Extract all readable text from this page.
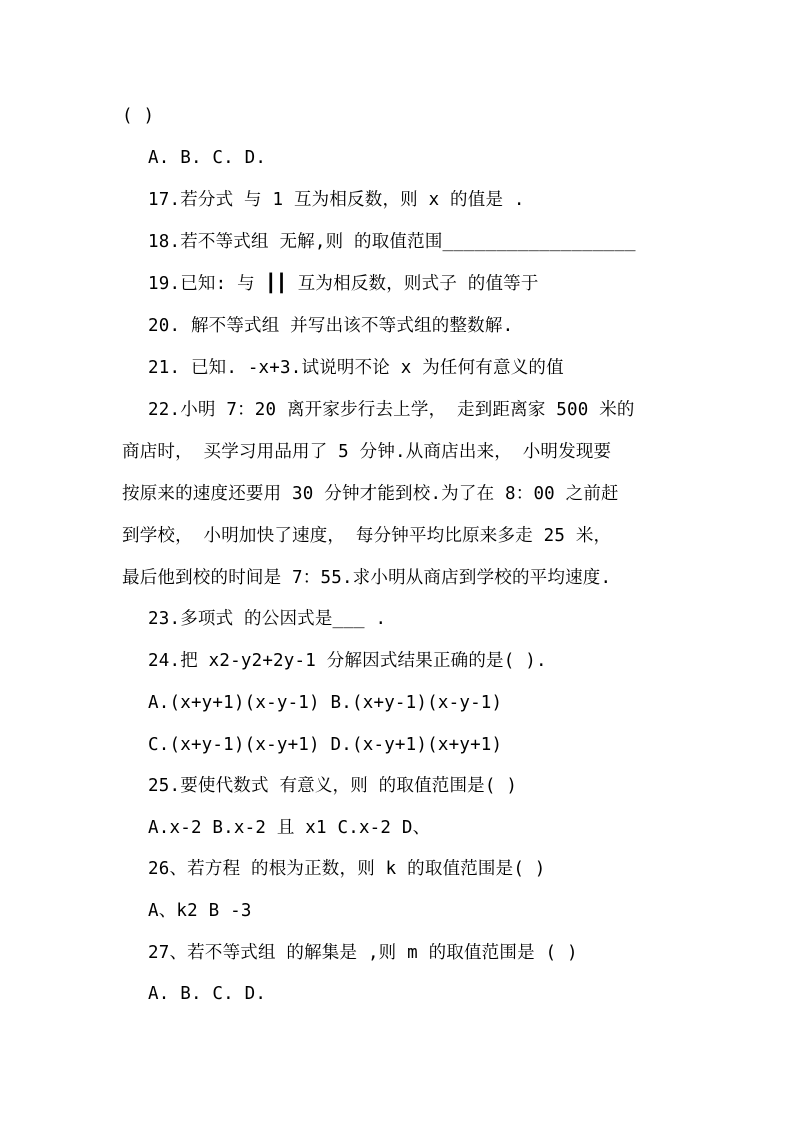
( )
A. B. C. D.
17.若分式 与 1 互为相反数，则 x 的值是 .
18.若不等式组 无解,则 的取值范围__________________
19.已知: 与 ┃┃ 互为相反数，则式子 的值等于
20. 解不等式组 并写出该不等式组的整数解.
21. 已知. -x+3.试说明不论 x 为任何有意义的值
22.小明 7：20 离开家步行去上学， 走到距离家 500 米的
商店时， 买学习用品用了 5 分钟.从商店出来， 小明发现要
按原来的速度还要用 30 分钟才能到校.为了在 8：00 之前赶
到学校， 小明加快了速度， 每分钟平均比原来多走 25 米，
最后他到校的时间是 7：55.求小明从商店到学校的平均速度.
23.多项式 的公因式是___ .
24.把 x2-y2+2y-1 分解因式结果正确的是( ).
A.(x+y+1)(x-y-1) B.(x+y-1)(x-y-1)
C.(x+y-1)(x-y+1) D.(x-y+1)(x+y+1)
25.要使代数式 有意义，则 的取值范围是( )
A.x-2 B.x-2 且 x1 C.x-2 D、
26、若方程 的根为正数，则 k 的取值范围是( )
A、k2 B -3
27、若不等式组 的解集是 ,则 m 的取值范围是 ( )
A. B. C. D.
